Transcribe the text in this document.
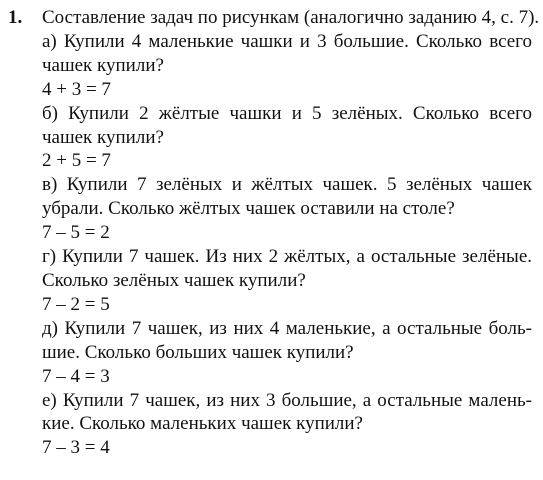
1. Составление задач по рисункам (аналогично заданию 4, с. 7).
а) Купили 4 маленькие чашки и 3 большие. Сколько всего
чашек купили?
4 + 3 = 7
б) Купили 2 жёлтые чашки и 5 зелёных. Сколько всего
чашек купили?
2 + 5 = 7
в) Купили 7 зелёных и жёлтых чашек. 5 зелёных чашек
убрали. Сколько жёлтых чашек оставили на столе?
7 – 5 = 2
г) Купили 7 чашек. Из них 2 жёлтых, а остальные зелёные.
Сколько зелёных чашек купили?
7 – 2 = 5
д) Купили 7 чашек, из них 4 маленькие, а остальные боль-
шие. Сколько больших чашек купили?
7 – 4 = 3
е) Купили 7 чашек, из них 3 большие, а остальные малень-
кие. Сколько маленьких чашек купили?
7 – 3 = 4
